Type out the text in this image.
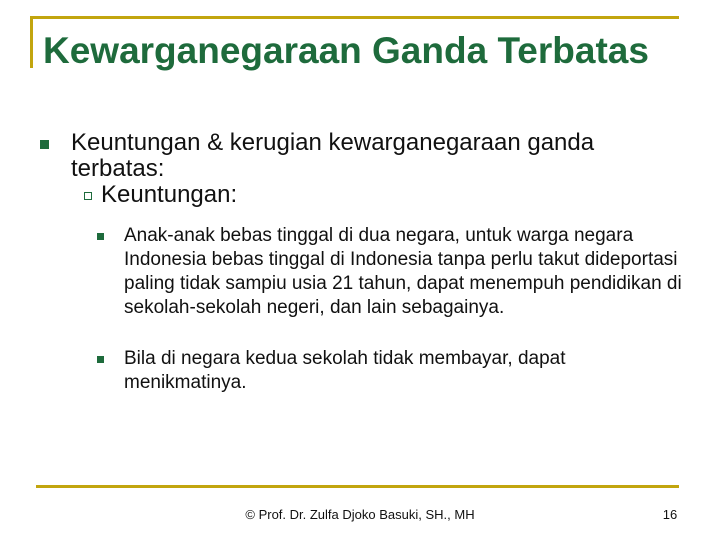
Kewarganegaraan Ganda Terbatas
Keuntungan & kerugian kewarganegaraan ganda terbatas:
Keuntungan:
Anak-anak bebas tinggal di dua negara, untuk warga negara Indonesia bebas tinggal di Indonesia tanpa perlu takut dideportasi paling tidak sampiu usia 21 tahun, dapat menempuh pendidikan di sekolah-sekolah negeri, dan lain sebagainya.
Bila di negara kedua sekolah tidak membayar, dapat menikmatinya.
© Prof. Dr. Zulfa Djoko Basuki, SH., MH	16
